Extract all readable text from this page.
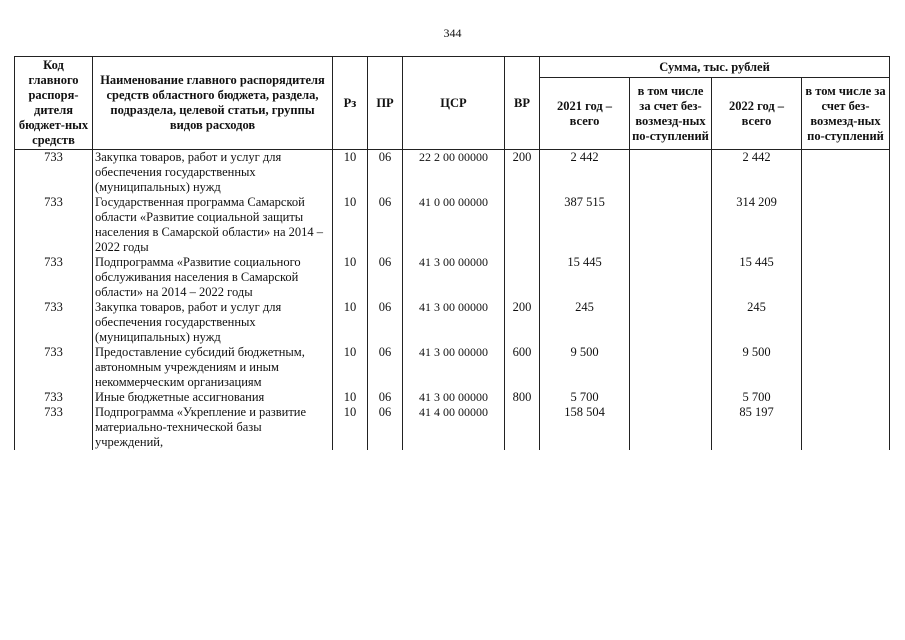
344
Код главного распоря-дителя бюджет-ных средств	Наименование главного распорядителя средств областного бюджета, раздела, подраздела, целевой статьи, группы видов расходов	Рз	ПР	ЦСР	ВР	Сумма, тыс. рублей			
						2021 год – всего	в том числе за счет без-возмезд-ных по-ступлений	2022 год – всего	в том числе за счет без-возмезд-ных по-ступлений
733	Закупка товаров, работ и услуг для обеспечения государственных (муниципальных) нужд	10	06	22 2 00 00000	200	2 442		2 442	
733	Государственная программа Самарской области «Развитие социальной защиты населения в Самарской области» на 2014 – 2022 годы	10	06	41 0 00 00000		387 515		314 209	
733	Подпрограмма «Развитие социального обслуживания населения в Самарской области» на 2014 – 2022 годы	10	06	41 3 00 00000		15 445		15 445	
733	Закупка товаров, работ и услуг для обеспечения государственных (муниципальных) нужд	10	06	41 3 00 00000	200	245		245	
733	Предоставление субсидий бюджетным, автономным учреждениям и иным некоммерческим организациям	10	06	41 3 00 00000	600	9 500		9 500	
733	Иные бюджетные ассигнования	10	06	41 3 00 00000	800	5 700		5 700	
733	Подпрограмма «Укрепление и развитие материально-технической базы учреждений,	10	06	41 4 00 00000		158 504		85 197	
